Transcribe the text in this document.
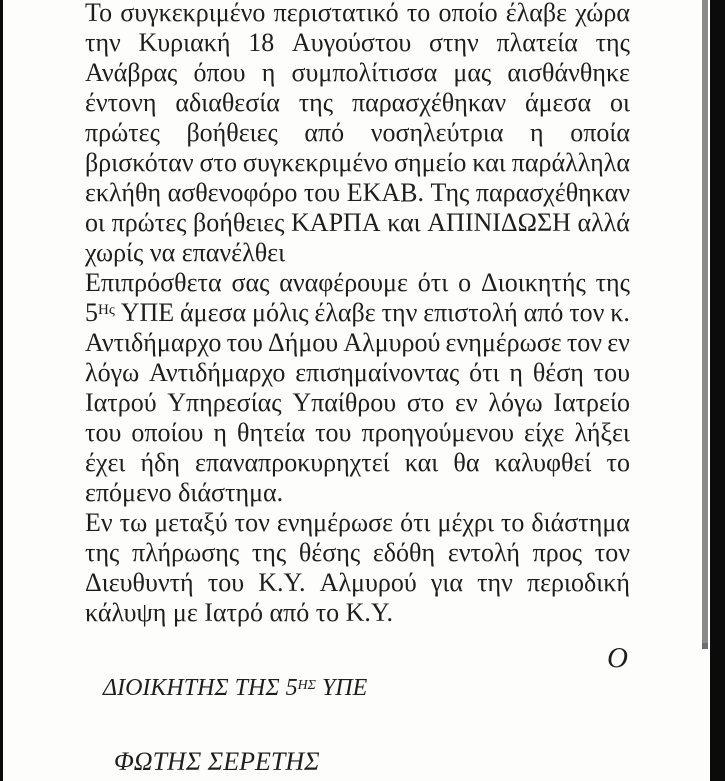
Το συγκεκριμένο περιστατικό το οποίο έλαβε χώρα
την Κυριακή 18 Αυγούστου στην πλατεία της
Ανάβρας όπου η συμπολίτισσα μας αισθάνθηκε
έντονη αδιαθεσία της παρασχέθηκαν άμεσα οι
πρώτες βοήθειες από νοσηλεύτρια η οποία
βρισκόταν στο συγκεκριμένο σημείο και παράλληλα
εκλήθη ασθενοφόρο του ΕΚΑΒ. Της παρασχέθηκαν
οι πρώτες βοήθειες ΚΑΡΠΑ και ΑΠΙΝΙΔΩΣΗ αλλά
χωρίς να επανέλθει
Επιπρόσθετα σας αναφέρουμε ότι ο Διοικητής της
$5^{H\varsigma}$ ΥΠΕ άμεσα μόλις έλαβε την επιστολή από τον κ.
Αντιδήμαρχο του Δήμου Αλμυρού ενημέρωσε τον εν
λόγω Αντιδήμαρχο επισημαίνοντας ότι η θέση του
Ιατρού Υπηρεσίας Υπαίθρου στο εν λόγω Ιατρείο
του οποίου η θητεία του προηγούμενου είχε λήξει
έχει ήδη επαναπροκυρηχτεί και θα καλυφθεί το
επόμενο διάστημα.
Εν τω μεταξύ τον ενημέρωσε ότι μέχρι το διάστημα
της πλήρωσης της θέσης εδόθη εντολή προς τον
Διευθυντή του Κ.Υ. Αλμυρού για την περιοδική
κάλυψη με Ιατρό από το Κ.Υ.
Ο
ΔΙΟΙΚΗΤΗΣ ΤΗΣ $5^{H\Sigma}$ ΥΠΕ
ΦΩΤΗΣ ΣΕΡΕΤΗΣ
